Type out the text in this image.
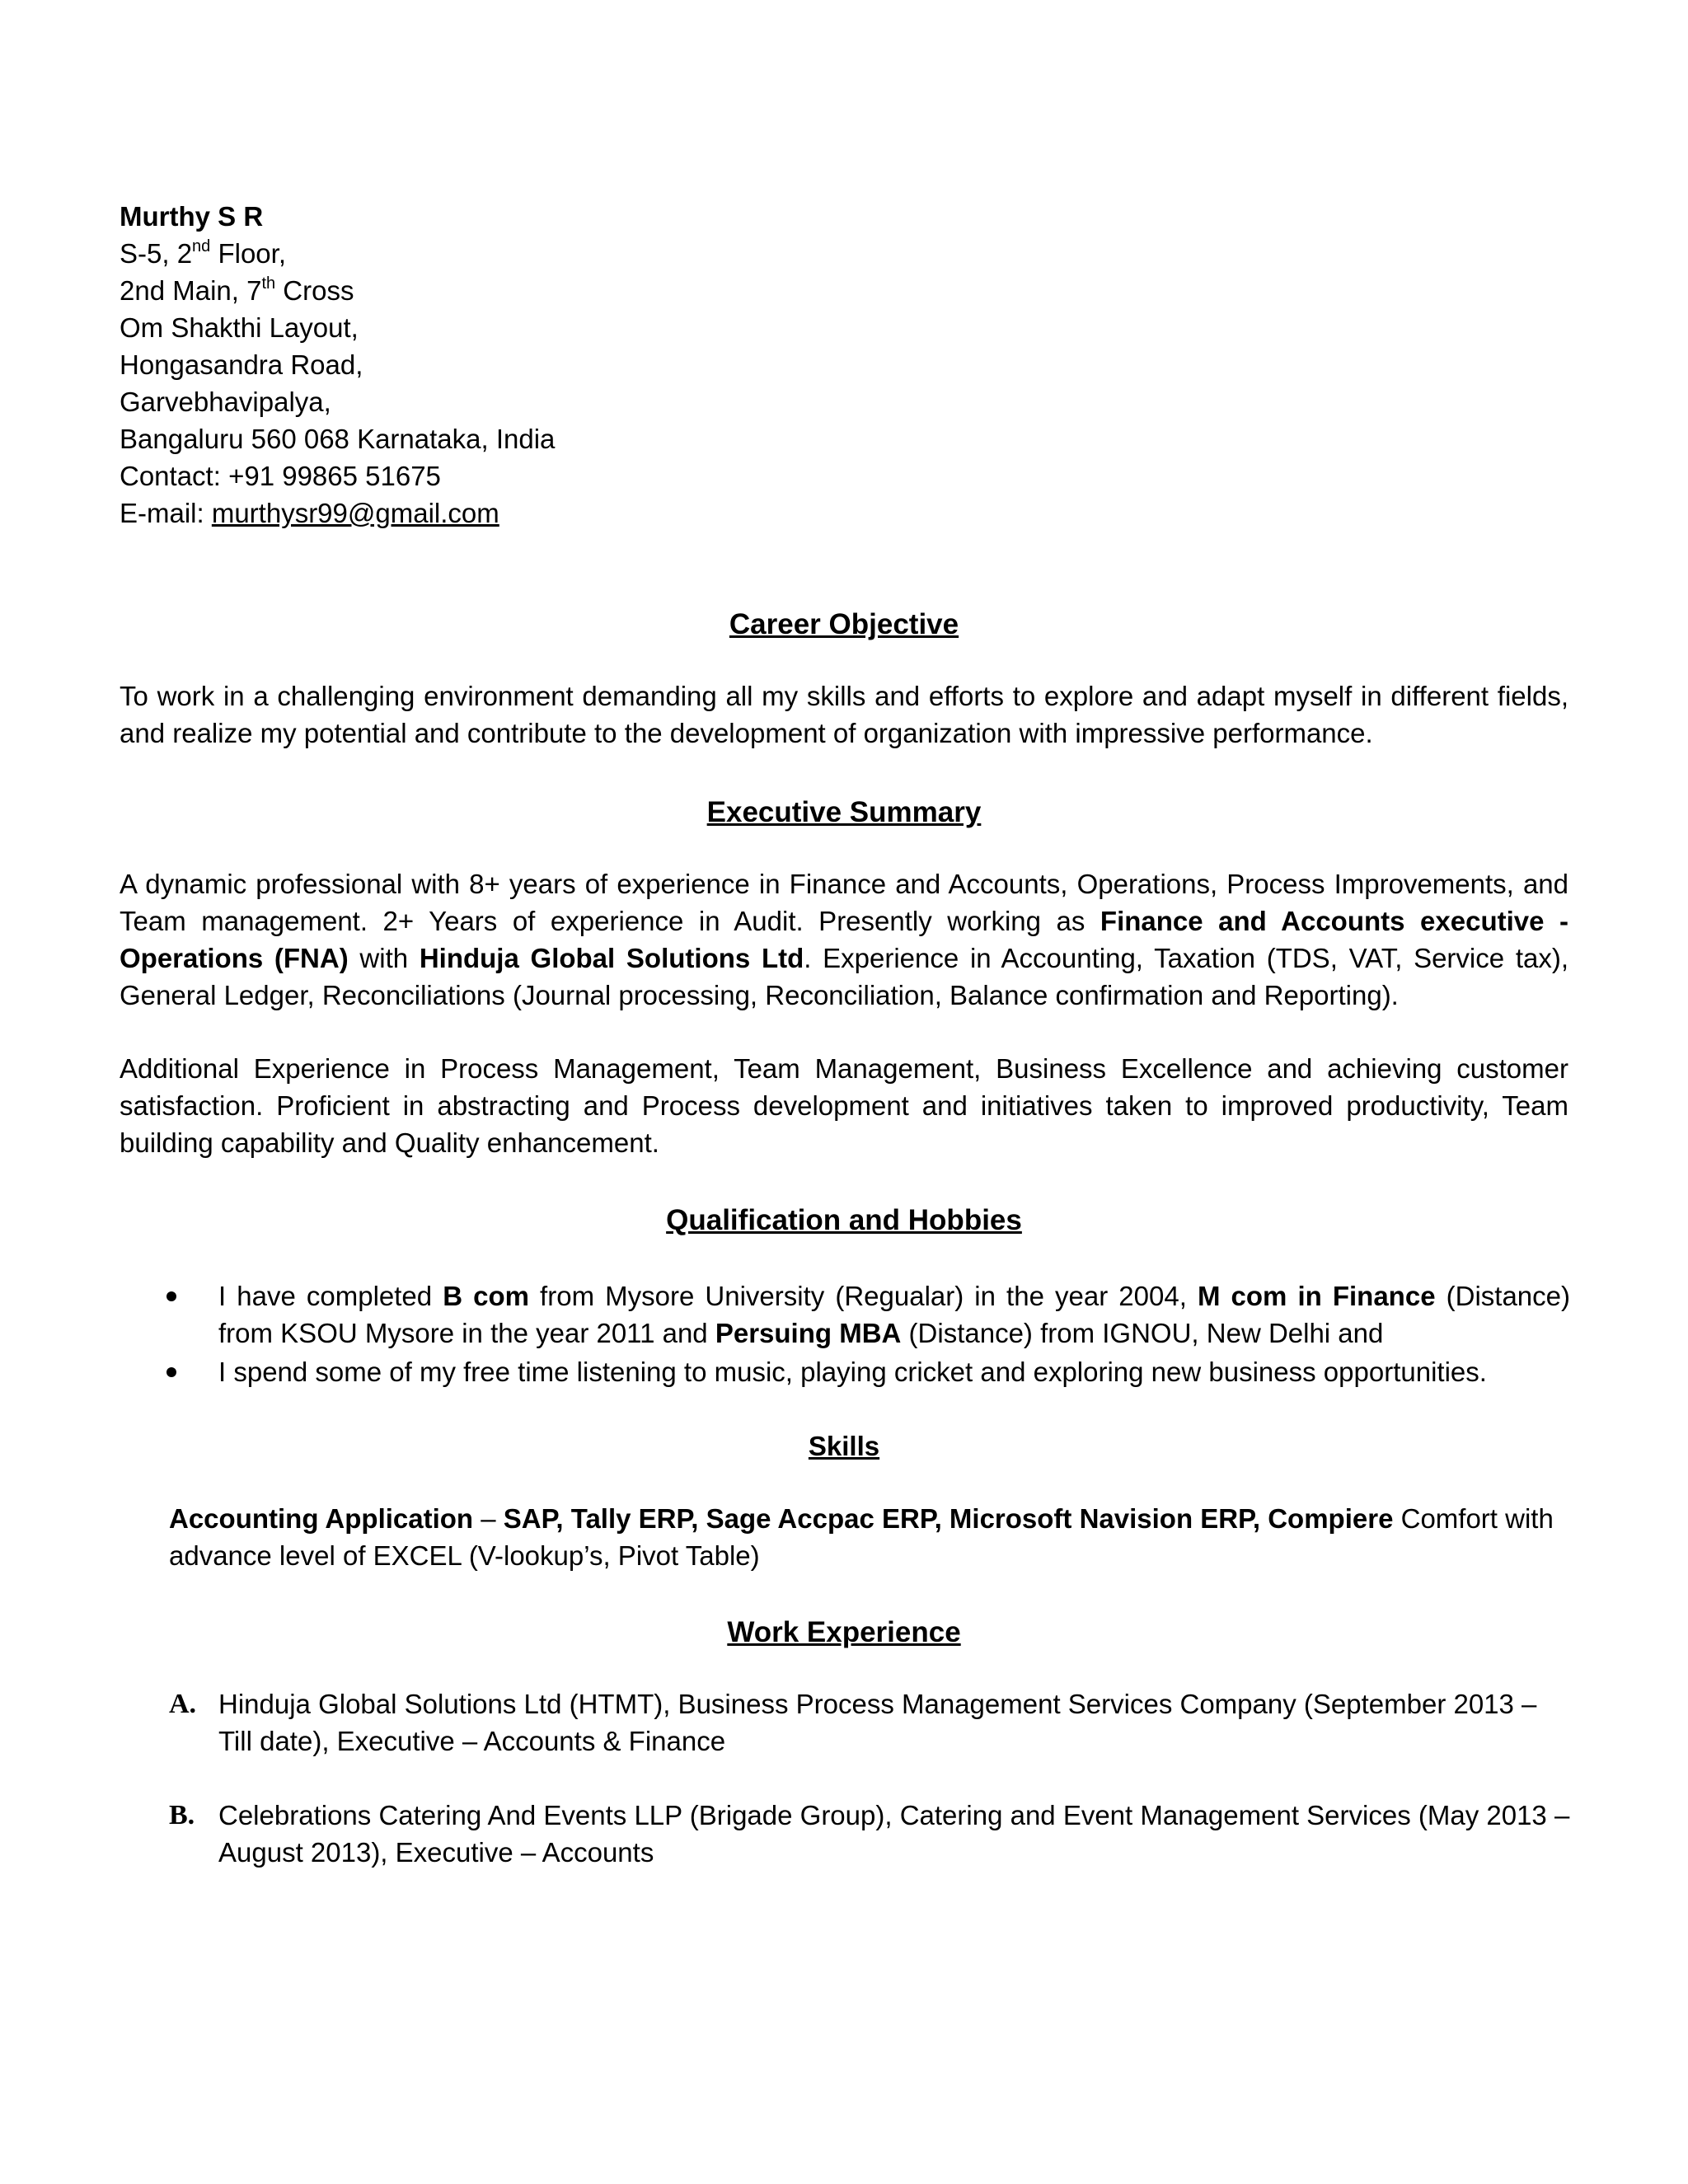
Murthy S R
S-5, 2nd Floor,
2nd Main, 7th Cross
Om Shakthi Layout,
Hongasandra Road,
Garvebhavipalya,
Bangaluru 560 068 Karnataka, India
Contact: +91 99865 51675
E-mail: murthysr99@gmail.com
Career Objective
To work in a challenging environment demanding all my skills and efforts to explore and adapt myself in different fields, and realize my potential and contribute to the development of organization with impressive performance.
Executive Summary
A dynamic professional with 8+ years of experience in Finance and Accounts, Operations, Process Improvements, and Team management. 2+ Years of experience in Audit. Presently working as Finance and Accounts executive - Operations (FNA) with Hinduja Global Solutions Ltd. Experience in Accounting, Taxation (TDS, VAT, Service tax), General Ledger, Reconciliations (Journal processing, Reconciliation, Balance confirmation and Reporting).
Additional Experience in Process Management, Team Management, Business Excellence and achieving customer satisfaction. Proficient in abstracting and Process development and initiatives taken to improved productivity, Team building capability and Quality enhancement.
Qualification and Hobbies
I have completed B com from Mysore University (Regualar) in the year 2004, M com in Finance (Distance) from KSOU Mysore in the year 2011 and Persuing MBA (Distance) from IGNOU, New Delhi and
I spend some of my free time listening to music, playing cricket and exploring new business opportunities.
Skills
Accounting Application – SAP, Tally ERP, Sage Accpac ERP, Microsoft Navision ERP, Compiere Comfort with advance level of EXCEL (V-lookup’s, Pivot Table)
Work Experience
A. Hinduja Global Solutions Ltd (HTMT), Business Process Management Services Company (September 2013 – Till date), Executive – Accounts & Finance
B. Celebrations Catering And Events LLP (Brigade Group), Catering and Event Management Services (May 2013 – August 2013), Executive – Accounts
